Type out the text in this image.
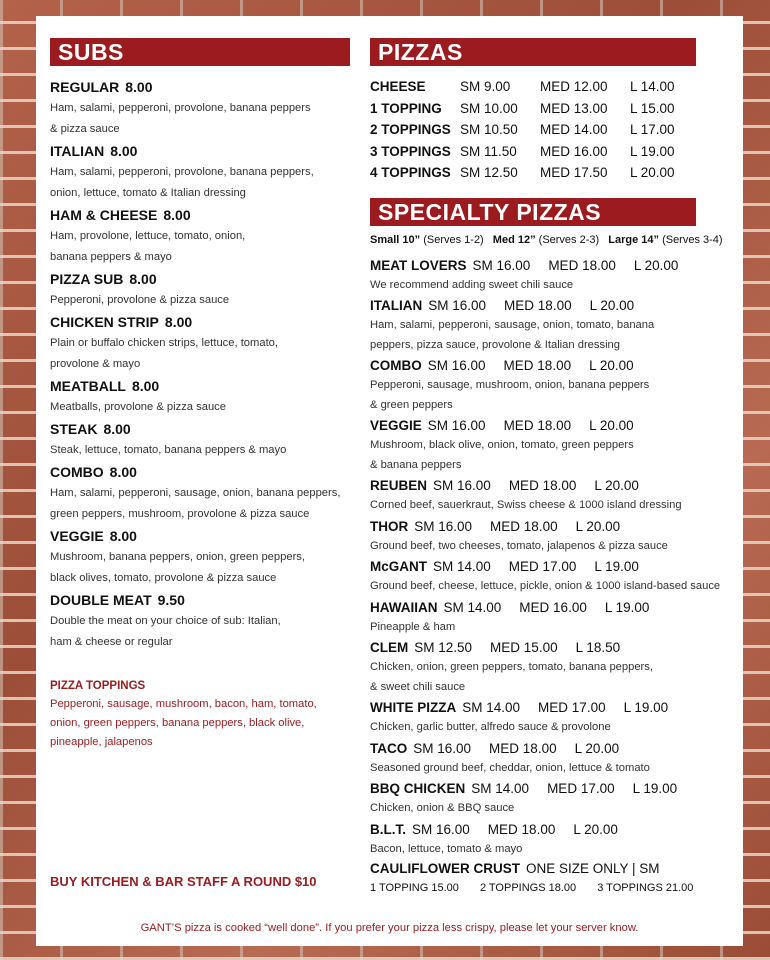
SUBS
REGULAR 8.00
Ham, salami, pepperoni, provolone, banana peppers
& pizza sauce
ITALIAN 8.00
Ham, salami, pepperoni, provolone, banana peppers,
onion, lettuce, tomato & Italian dressing
HAM & CHEESE 8.00
Ham, provolone, lettuce, tomato, onion,
banana peppers & mayo
PIZZA SUB 8.00
Pepperoni, provolone & pizza sauce
CHICKEN STRIP 8.00
Plain or buffalo chicken strips, lettuce, tomato,
provolone & mayo
MEATBALL 8.00
Meatballs, provolone & pizza sauce
STEAK 8.00
Steak, lettuce, tomato, banana peppers & mayo
COMBO 8.00
Ham, salami, pepperoni, sausage, onion, banana peppers,
green peppers, mushroom, provolone & pizza sauce
VEGGIE 8.00
Mushroom, banana peppers, onion, green peppers,
black olives, tomato, provolone & pizza sauce
DOUBLE MEAT 9.50
Double the meat on your choice of sub: Italian,
ham & cheese or regular
PIZZA TOPPINGS
Pepperoni, sausage, mushroom, bacon, ham, tomato,
onion, green peppers, banana peppers, black olive,
pineapple, jalapenos
BUY KITCHEN & BAR STAFF A ROUND $10
PIZZAS
CHEESE	SM 9.00	MED 12.00	L 14.00
1 TOPPING	SM 10.00	MED 13.00	L 15.00
2 TOPPINGS SM 10.50	MED 14.00	L 17.00
3 TOPPINGS SM 11.50	MED 16.00	L 19.00
4 TOPPINGS SM 12.50	MED 17.50	L 20.00
SPECIALTY PIZZAS
Small 10” (Serves 1-2) Med 12” (Serves 2-3) Large 14” (Serves 3-4)
MEAT LOVERS SM 16.00 MED 18.00 L 20.00
We recommend adding sweet chili sauce
ITALIAN SM 16.00 MED 18.00 L 20.00
Ham, salami, pepperoni, sausage, onion, tomato, banana
peppers, pizza sauce, provolone & Italian dressing
COMBO SM 16.00 MED 18.00 L 20.00
Pepperoni, sausage, mushroom, onion, banana peppers
& green peppers
VEGGIE SM 16.00 MED 18.00 L 20.00
Mushroom, black olive, onion, tomato, green peppers
& banana peppers
REUBEN SM 16.00 MED 18.00 L 20.00
Corned beef, sauerkraut, Swiss cheese & 1000 island dressing
THOR SM 16.00 MED 18.00 L 20.00
Ground beef, two cheeses, tomato, jalapenos & pizza sauce
McGANT SM 14.00 MED 17.00 L 19.00
Ground beef, cheese, lettuce, pickle, onion & 1000 island-based sauce
HAWAIIAN SM 14.00 MED 16.00 L 19.00
Pineapple & ham
CLEM SM 12.50 MED 15.00 L 18.50
Chicken, onion, green peppers, tomato, banana peppers,
& sweet chili sauce
WHITE PIZZA SM 14.00 MED 17.00 L 19.00
Chicken, garlic butter, alfredo sauce & provolone
TACO SM 16.00 MED 18.00 L 20.00
Seasoned ground beef, cheddar, onion, lettuce & tomato
BBQ CHICKEN SM 14.00 MED 17.00 L 19.00
Chicken, onion & BBQ sauce
B.L.T. SM 16.00 MED 18.00 L 20.00
Bacon, lettuce, tomato & mayo
CAULIFLOWER CRUST ONE SIZE ONLY | SM
1 TOPPING 15.00 2 TOPPINGS 18.00 3 TOPPINGS 21.00
GANT’S pizza is cooked “well done”. If you prefer your pizza less crispy, please let your server know.
